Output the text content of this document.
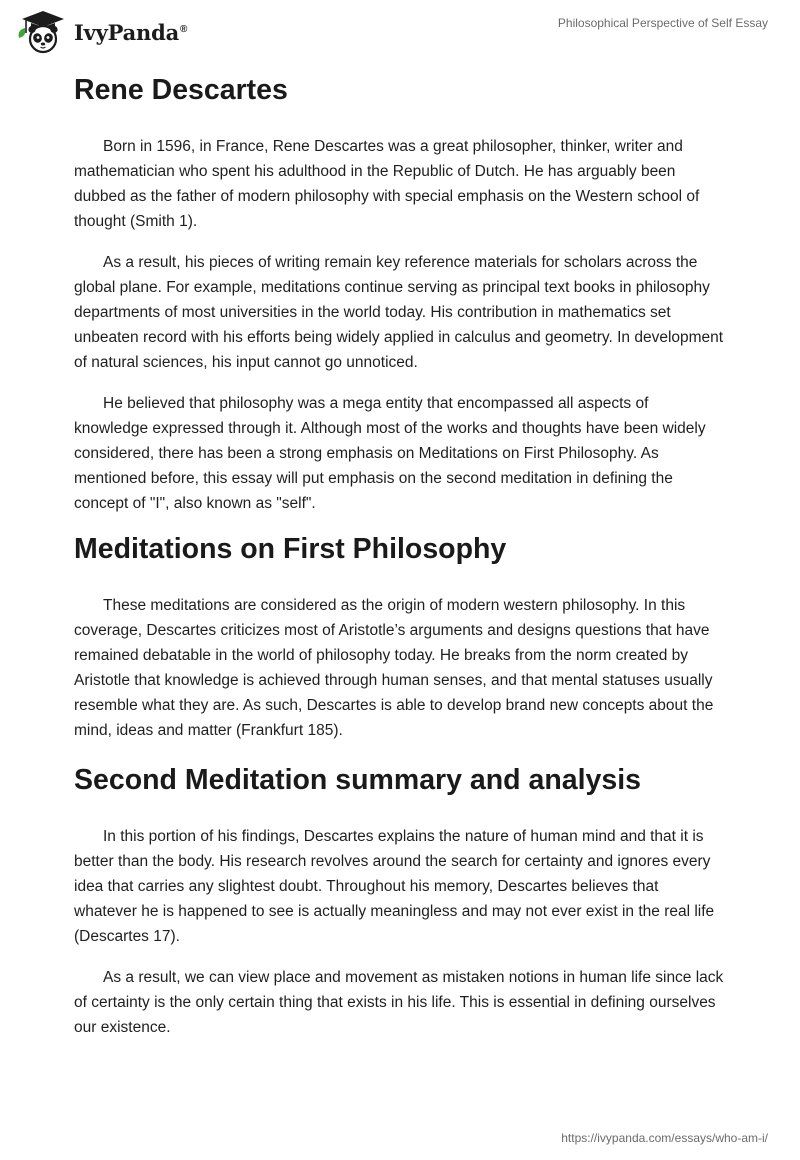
IvyPanda®	Philosophical Perspective of Self Essay
Rene Descartes

Born in 1596, in France, Rene Descartes was a great philosopher, thinker, writer and mathematician who spent his adulthood in the Republic of Dutch. He has arguably been dubbed as the father of modern philosophy with special emphasis on the Western school of thought (Smith 1).

As a result, his pieces of writing remain key reference materials for scholars across the global plane. For example, meditations continue serving as principal text books in philosophy departments of most universities in the world today. His contribution in mathematics set unbeaten record with his efforts being widely applied in calculus and geometry. In development of natural sciences, his input cannot go unnoticed.

He believed that philosophy was a mega entity that encompassed all aspects of knowledge expressed through it. Although most of the works and thoughts have been widely considered, there has been a strong emphasis on Meditations on First Philosophy. As mentioned before, this essay will put emphasis on the second meditation in defining the concept of "I", also known as "self".

Meditations on First Philosophy

These meditations are considered as the origin of modern western philosophy. In this coverage, Descartes criticizes most of Aristotle’s arguments and designs questions that have remained debatable in the world of philosophy today. He breaks from the norm created by Aristotle that knowledge is achieved through human senses, and that mental statuses usually resemble what they are. As such, Descartes is able to develop brand new concepts about the mind, ideas and matter (Frankfurt 185).

Second Meditation summary and analysis

In this portion of his findings, Descartes explains the nature of human mind and that it is better than the body. His research revolves around the search for certainty and ignores every idea that carries any slightest doubt. Throughout his memory, Descartes believes that whatever he is happened to see is actually meaningless and may not ever exist in the real life (Descartes 17).

As a result, we can view place and movement as mistaken notions in human life since lack of certainty is the only certain thing that exists in his life. This is essential in defining ourselves our existence.

https://ivypanda.com/essays/who-am-i/
